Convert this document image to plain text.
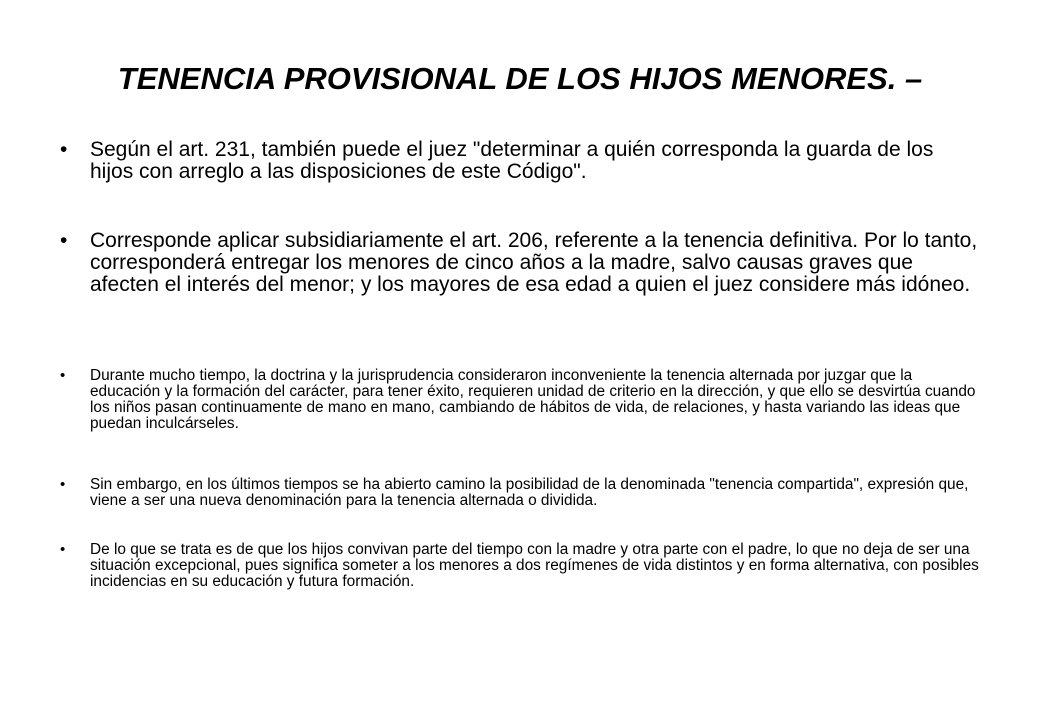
TENENCIA PROVISIONAL DE LOS HIJOS MENORES. –
• Según el art. 231, también puede el juez "determinar a quién corresponda la guarda de los hijos con arreglo a las disposiciones de este Código".
• Corresponde aplicar subsidiariamente el art. 206, referente a la tenencia definitiva. Por lo tanto, corresponderá entregar los menores de cinco años a la madre, salvo causas graves que afecten el interés del menor; y los mayores de esa edad a quien el juez considere más idóneo.
• Durante mucho tiempo, la doctrina y la jurisprudencia consideraron inconveniente la tenencia alternada por juzgar que la educación y la formación del carácter, para tener éxito, requieren unidad de criterio en la dirección, y que ello se desvirtúa cuando los niños pasan continuamente de mano en mano, cambiando de hábitos de vida, de relaciones, y hasta variando las ideas que puedan inculcárseles.
• Sin embargo, en los últimos tiempos se ha abierto camino la posibilidad de la denominada "tenencia compartida", expresión que, viene a ser una nueva denominación para la tenencia alternada o dividida.
• De lo que se trata es de que los hijos convivan parte del tiempo con la madre y otra parte con el padre, lo que no deja de ser una situación excepcional, pues significa someter a los menores a dos regímenes de vida distintos y en forma alternativa, con posibles incidencias en su educación y futura formación.
